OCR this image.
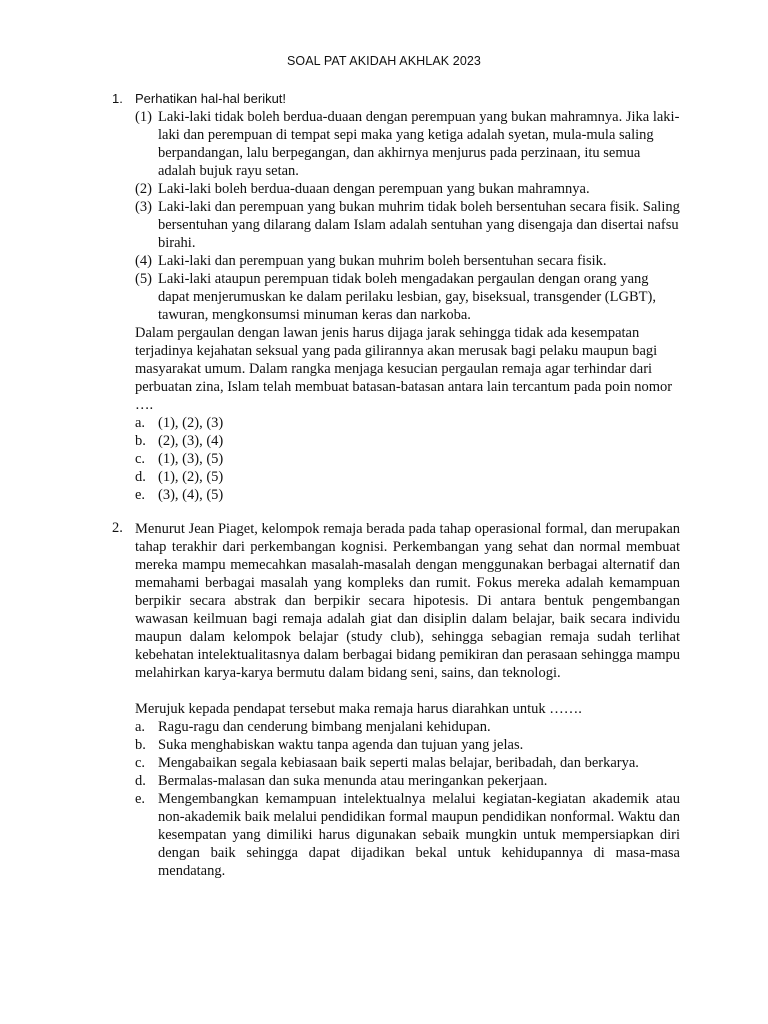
SOAL PAT AKIDAH AKHLAK 2023
1. Perhatikan hal-hal berikut!
(1) Laki-laki tidak boleh berdua-duaan dengan perempuan yang bukan mahramnya. Jika laki-laki dan perempuan di tempat sepi maka yang ketiga adalah syetan, mula-mula saling berpandangan, lalu berpegangan, dan akhirnya menjurus pada perzinaan, itu semua adalah bujuk rayu setan.
(2) Laki-laki boleh berdua-duaan dengan perempuan yang bukan mahramnya.
(3) Laki-laki dan perempuan yang bukan muhrim tidak boleh bersentuhan secara fisik. Saling bersentuhan yang dilarang dalam Islam adalah sentuhan yang disengaja dan disertai nafsu birahi.
(4) Laki-laki dan perempuan yang bukan muhrim boleh bersentuhan secara fisik.
(5) Laki-laki ataupun perempuan tidak boleh mengadakan pergaulan dengan orang yang dapat menjerumuskan ke dalam perilaku lesbian, gay, biseksual, transgender (LGBT), tawuran, mengkonsumsi minuman keras dan narkoba.
Dalam pergaulan dengan lawan jenis harus dijaga jarak sehingga tidak ada kesempatan terjadinya kejahatan seksual yang pada gilirannya akan merusak bagi pelaku maupun bagi masyarakat umum. Dalam rangka menjaga kesucian pergaulan remaja agar terhindar dari perbuatan zina, Islam telah membuat batasan-batasan antara lain tercantum pada poin nomor ….
a. (1), (2), (3)
b. (2), (3), (4)
c. (1), (3), (5)
d. (1), (2), (5)
e. (3), (4), (5)
2. Menurut Jean Piaget, kelompok remaja berada pada tahap operasional formal, dan merupakan tahap terakhir dari perkembangan kognisi. Perkembangan yang sehat dan normal membuat mereka mampu memecahkan masalah-masalah dengan menggunakan berbagai alternatif dan memahami berbagai masalah yang kompleks dan rumit. Fokus mereka adalah kemampuan berpikir secara abstrak dan berpikir secara hipotesis. Di antara bentuk pengembangan wawasan keilmuan bagi remaja adalah giat dan disiplin dalam belajar, baik secara individu maupun dalam kelompok belajar (study club), sehingga sebagian remaja sudah terlihat kebehatan intelektualitasnya dalam berbagai bidang pemikiran dan perasaan sehingga mampu melahirkan karya-karya bermutu dalam bidang seni, sains, dan teknologi.
Merujuk kepada pendapat tersebut maka remaja harus diarahkan untuk …….
a. Ragu-ragu dan cenderung bimbang menjalani kehidupan.
b. Suka menghabiskan waktu tanpa agenda dan tujuan yang jelas.
c. Mengabaikan segala kebiasaan baik seperti malas belajar, beribadah, dan berkarya.
d. Bermalas-malasan dan suka menunda atau meringankan pekerjaan.
e. Mengembangkan kemampuan intelektualnya melalui kegiatan-kegiatan akademik atau non-akademik baik melalui pendidikan formal maupun pendidikan nonformal. Waktu dan kesempatan yang dimiliki harus digunakan sebaik mungkin untuk mempersiapkan diri dengan baik sehingga dapat dijadikan bekal untuk kehidupannya di masa-masa mendatang.
